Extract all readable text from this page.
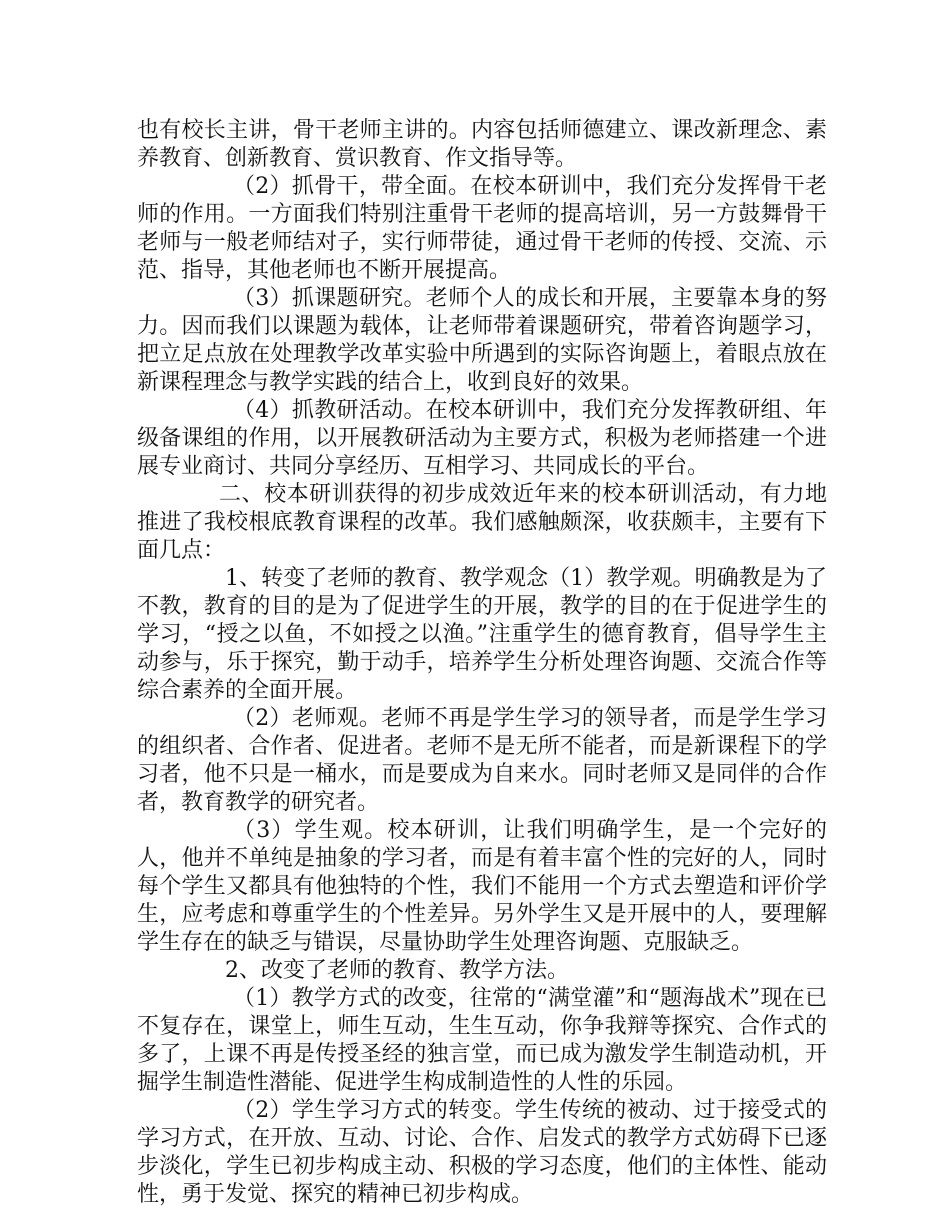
也有校长主讲，骨干老师主讲的。内容包括师德建立、课改新理念、素养教育、创新教育、赏识教育、作文指导等。

（2）抓骨干，带全面。在校本研训中，我们充分发挥骨干老师的作用。一方面我们特别注重骨干老师的提高培训，另一方鼓舞骨干老师与一般老师结对子，实行师带徒，通过骨干老师的传授、交流、示范、指导，其他老师也不断开展提高。

（3）抓课题研究。老师个人的成长和开展，主要靠本身的努力。因而我们以课题为载体，让老师带着课题研究，带着咨询题学习，把立足点放在处理教学改革实验中所遇到的实际咨询题上，着眼点放在新课程理念与教学实践的结合上，收到良好的效果。

（4）抓教研活动。在校本研训中，我们充分发挥教研组、年级备课组的作用，以开展教研活动为主要方式，积极为老师搭建一个进展专业商讨、共同分享经历、互相学习、共同成长的平台。

二、校本研训获得的初步成效近年来的校本研训活动，有力地推进了我校根底教育课程的改革。我们感触颇深，收获颇丰，主要有下面几点：

1、转变了老师的教育、教学观念（1）教学观。明确教是为了不教，教育的目的是为了促进学生的开展，教学的目的在于促进学生的学习，“授之以鱼，不如授之以渔。”注重学生的德育教育，倡导学生主动参与，乐于探究，勤于动手，培养学生分析处理咨询题、交流合作等综合素养的全面开展。

（2）老师观。老师不再是学生学习的领导者，而是学生学习的组织者、合作者、促进者。老师不是无所不能者，而是新课程下的学习者，他不只是一桶水，而是要成为自来水。同时老师又是同伴的合作者，教育教学的研究者。

（3）学生观。校本研训，让我们明确学生，是一个完好的人，他并不单纯是抽象的学习者，而是有着丰富个性的完好的人，同时每个学生又都具有他独特的个性，我们不能用一个方式去塑造和评价学生，应考虑和尊重学生的个性差异。另外学生又是开展中的人，要理解学生存在的缺乏与错误，尽量协助学生处理咨询题、克服缺乏。

2、改变了老师的教育、教学方法。

（1）教学方式的改变，往常的“满堂灌”和“题海战术”现在已不复存在，课堂上，师生互动，生生互动，你争我辩等探究、合作式的多了，上课不再是传授圣经的独言堂，而已成为激发学生制造动机，开掘学生制造性潜能、促进学生构成制造性的人性的乐园。

（2）学生学习方式的转变。学生传统的被动、过于接受式的学习方式，在开放、互动、讨论、合作、启发式的教学方式妨碍下已逐步淡化，学生已初步构成主动、积极的学习态度，他们的主体性、能动性，勇于发觉、探究的精神已初步构成。
